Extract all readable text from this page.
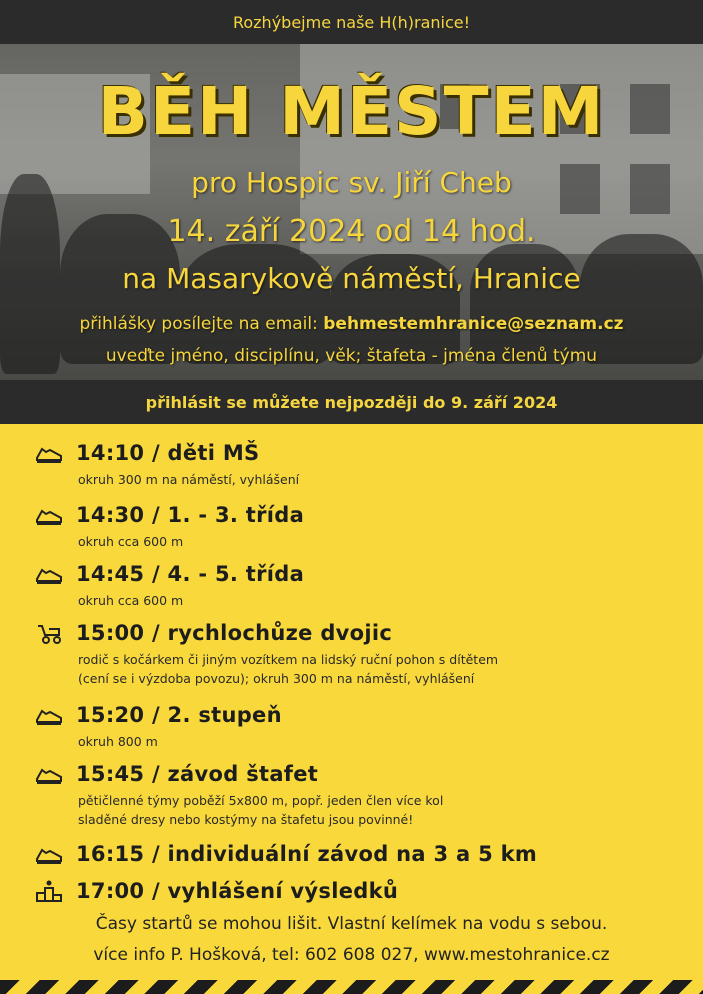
Rozhýbejme naše H(h)ranice!
BĚH MĚSTEM
pro Hospic sv. Jiří Cheb
14. září 2024 od 14 hod.
na Masarykově náměstí, Hranice
přihlášky posílejte na email: behmestemhranice@seznam.cz
uveďte jméno, disciplínu, věk; štafeta - jména členů týmu
přihlásit se můžete nejpozději do 9. září 2024
14:10 / děti MŠ
okruh 300 m na náměstí, vyhlášení
14:30 / 1. - 3. třída
okruh cca 600 m
14:45 / 4. - 5. třída
okruh cca 600 m
15:00 / rychlochůze dvojic
rodič s kočárkem či jiným vozítkem na lidský ruční pohon s dítětem
(cení se i výzdoba povozu); okruh 300 m na náměstí, vyhlášení
15:20 / 2. stupeň
okruh 800 m
15:45 / závod štafet
pětičlenné týmy poběží 5x800 m, popř. jeden člen více kol
sladěné dresy nebo kostýmy na štafetu jsou povinné!
16:15 / individuální závod na 3 a 5 km
17:00 / vyhlášení výsledků
Časy startů se mohou lišit. Vlastní kelímek na vodu s sebou.
více info P. Hošková, tel: 602 608 027, www.mestohranice.cz
